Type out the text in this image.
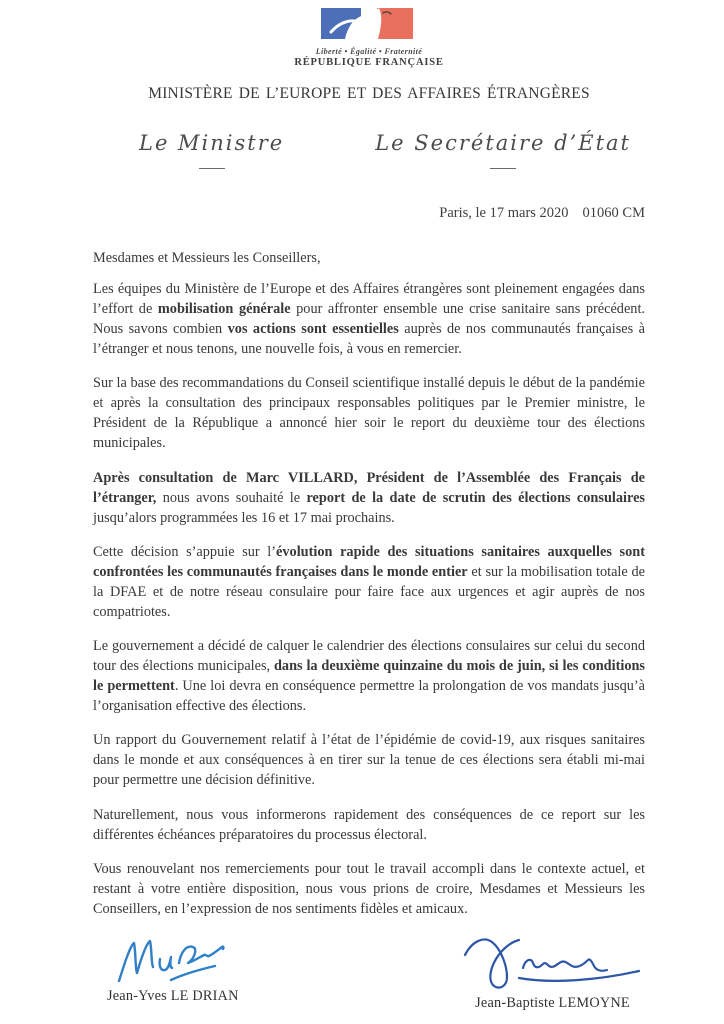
Liberté • Égalité • Fraternité
RÉPUBLIQUE FRANÇAISE
MINISTÈRE DE L’EUROPE ET DES AFFAIRES ÉTRANGÈRES
Le Ministre	Le Secrétaire d’État
Paris, le 17 mars 2020 01060 CM
Mesdames et Messieurs les Conseillers,

Les équipes du Ministère de l’Europe et des Affaires étrangères sont pleinement engagées dans l’effort de mobilisation générale pour affronter ensemble une crise sanitaire sans précédent. Nous savons combien vos actions sont essentielles auprès de nos communautés françaises à l’étranger et nous tenons, une nouvelle fois, à vous en remercier.

Sur la base des recommandations du Conseil scientifique installé depuis le début de la pandémie et après la consultation des principaux responsables politiques par le Premier ministre, le Président de la République a annoncé hier soir le report du deuxième tour des élections municipales.

Après consultation de Marc VILLARD, Président de l’Assemblée des Français de l’étranger, nous avons souhaité le report de la date de scrutin des élections consulaires jusqu’alors programmées les 16 et 17 mai prochains.

Cette décision s’appuie sur l’évolution rapide des situations sanitaires auxquelles sont confrontées les communautés françaises dans le monde entier et sur la mobilisation totale de la DFAE et de notre réseau consulaire pour faire face aux urgences et agir auprès de nos compatriotes.

Le gouvernement a décidé de calquer le calendrier des élections consulaires sur celui du second tour des élections municipales, dans la deuxième quinzaine du mois de juin, si les conditions le permettent. Une loi devra en conséquence permettre la prolongation de vos mandats jusqu’à l’organisation effective des élections.

Un rapport du Gouvernement relatif à l’état de l’épidémie de covid-19, aux risques sanitaires dans le monde et aux conséquences à en tirer sur la tenue de ces élections sera établi mi-mai pour permettre une décision définitive.

Naturellement, nous vous informerons rapidement des conséquences de ce report sur les différentes échéances préparatoires du processus électoral.

Vous renouvelant nos remerciements pour tout le travail accompli dans le contexte actuel, et restant à votre entière disposition, nous vous prions de croire, Mesdames et Messieurs les Conseillers, en l’expression de nos sentiments fidèles et amicaux.

Jean-Yves LE DRIAN	Jean-Baptiste LEMOYNE
